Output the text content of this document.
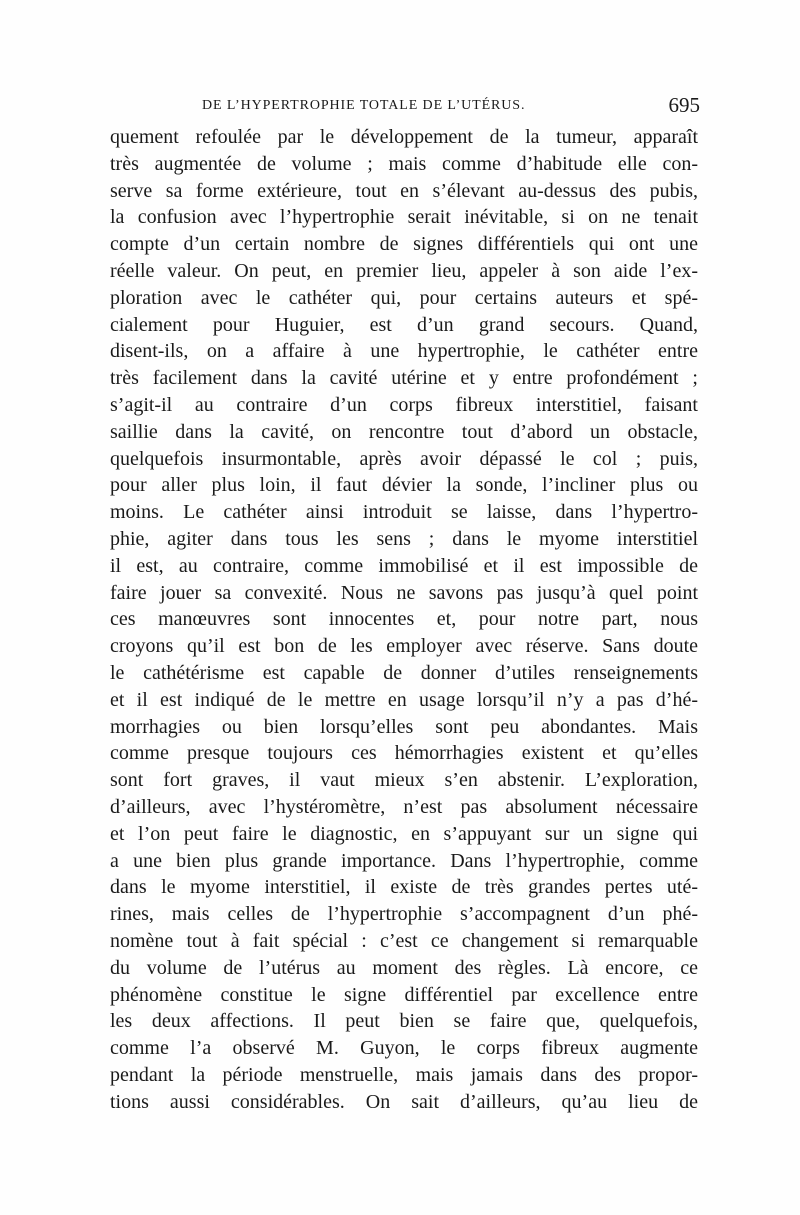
DE L’HYPERTROPHIE TOTALE DE L’UTÉRUS.	695
quement refoulée par le développement de la tumeur, apparaît
très augmentée de volume ; mais comme d’habitude elle con-
serve sa forme extérieure, tout en s’élevant au-dessus des pubis,
la confusion avec l’hypertrophie serait inévitable, si on ne tenait
compte d’un certain nombre de signes différentiels qui ont une
réelle valeur. On peut, en premier lieu, appeler à son aide l’ex-
ploration avec le cathéter qui, pour certains auteurs et spé-
cialement pour Huguier, est d’un grand secours. Quand,
disent-ils, on a affaire à une hypertrophie, le cathéter entre
très facilement dans la cavité utérine et y entre profondément ;
s’agit-il au contraire d’un corps fibreux interstitiel, faisant
saillie dans la cavité, on rencontre tout d’abord un obstacle,
quelquefois insurmontable, après avoir dépassé le col ; puis,
pour aller plus loin, il faut dévier la sonde, l’incliner plus ou
moins. Le cathéter ainsi introduit se laisse, dans l’hypertro-
phie, agiter dans tous les sens ; dans le myome interstitiel
il est, au contraire, comme immobilisé et il est impossible de
faire jouer sa convexité. Nous ne savons pas jusqu’à quel point
ces manœuvres sont innocentes et, pour notre part, nous
croyons qu’il est bon de les employer avec réserve. Sans doute
le cathétérisme est capable de donner d’utiles renseignements
et il est indiqué de le mettre en usage lorsqu’il n’y a pas d’hé-
morrhagies ou bien lorsqu’elles sont peu abondantes. Mais
comme presque toujours ces hémorrhagies existent et qu’elles
sont fort graves, il vaut mieux s’en abstenir. L’exploration,
d’ailleurs, avec l’hystéromètre, n’est pas absolument nécessaire
et l’on peut faire le diagnostic, en s’appuyant sur un signe qui
a une bien plus grande importance. Dans l’hypertrophie, comme
dans le myome interstitiel, il existe de très grandes pertes uté-
rines, mais celles de l’hypertrophie s’accompagnent d’un phé-
nomène tout à fait spécial : c’est ce changement si remarquable
du volume de l’utérus au moment des règles. Là encore, ce
phénomène constitue le signe différentiel par excellence entre
les deux affections. Il peut bien se faire que, quelquefois,
comme l’a observé M. Guyon, le corps fibreux augmente
pendant la période menstruelle, mais jamais dans des propor-
tions aussi considérables. On sait d’ailleurs, qu’au lieu de
